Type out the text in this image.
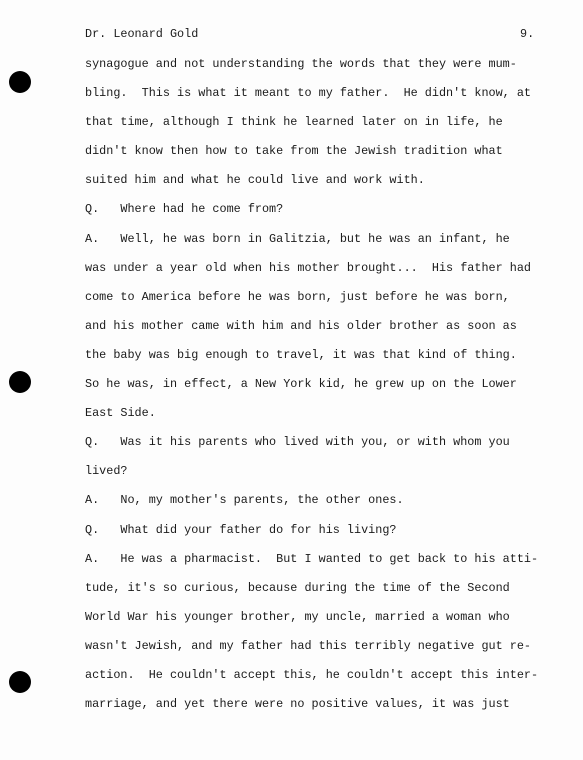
Dr. Leonard Gold	9.
synagogue and not understanding the words that they were mum-
bling.  This is what it meant to my father.  He didn't know, at
that time, although I think he learned later on in life, he
didn't know then how to take from the Jewish tradition what
suited him and what he could live and work with.
Q.   Where had he come from?
A.   Well, he was born in Galitzia, but he was an infant, he
was under a year old when his mother brought...  His father had
come to America before he was born, just before he was born,
and his mother came with him and his older brother as soon as
the baby was big enough to travel, it was that kind of thing.
So he was, in effect, a New York kid, he grew up on the Lower
East Side.
Q.   Was it his parents who lived with you, or with whom you
lived?
A.   No, my mother's parents, the other ones.
Q.   What did your father do for his living?
A.   He was a pharmacist.  But I wanted to get back to his atti-
tude, it's so curious, because during the time of the Second
World War his younger brother, my uncle, married a woman who
wasn't Jewish, and my father had this terribly negative gut re-
action.  He couldn't accept this, he couldn't accept this inter-
marriage, and yet there were no positive values, it was just
